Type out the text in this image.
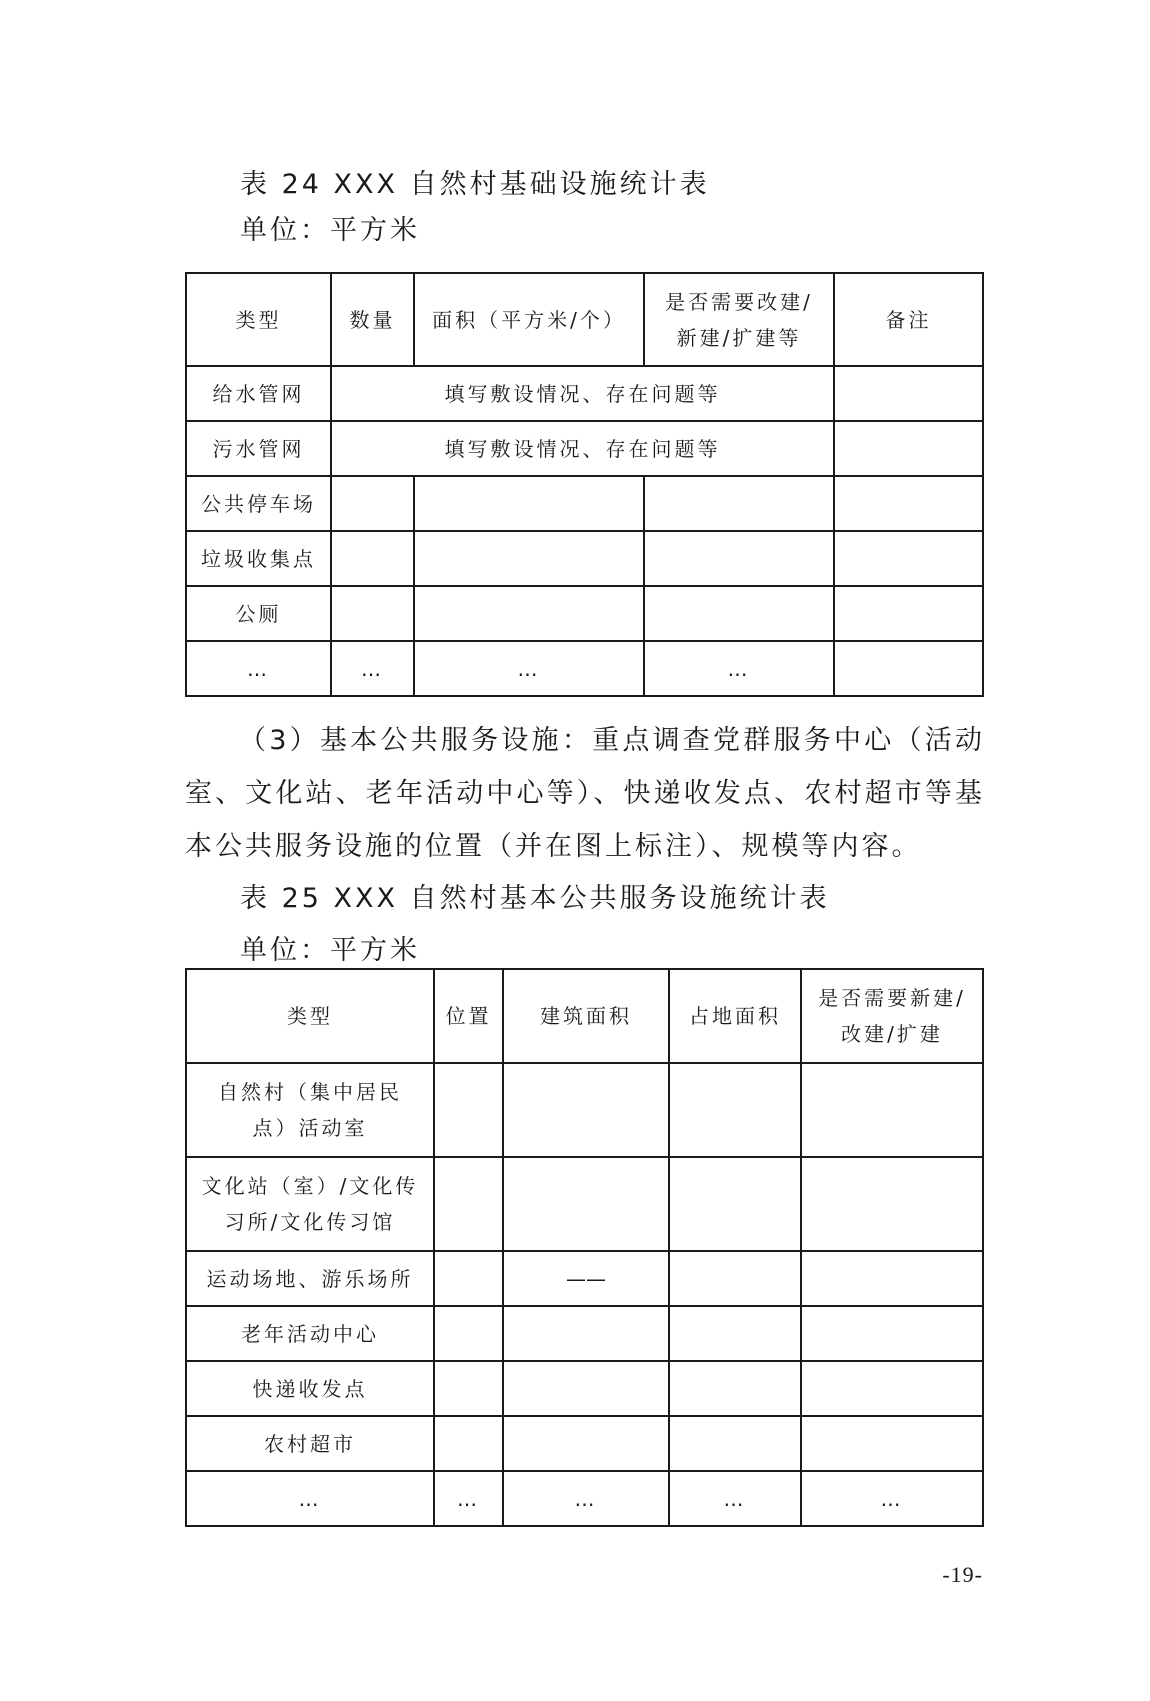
表 24 XXX 自然村基础设施统计表
单位：平方米
类型	数量	面积（平方米/个）	是否需要改建/新建/扩建等	备注
给水管网	填写敷设情况、存在问题等			
污水管网	填写敷设情况、存在问题等			
公共停车场				
垃圾收集点				
公厕				
…	…	…	…	
（3）基本公共服务设施：重点调查党群服务中心（活动室、文化站、老年活动中心等）、快递收发点、农村超市等基本公共服务设施的位置（并在图上标注）、规模等内容。
表 25 XXX 自然村基本公共服务设施统计表
单位：平方米
类型	位置	建筑面积	占地面积	是否需要新建/改建/扩建
自然村（集中居民点）活动室				
文化站（室）/文化传习所/文化传习馆				
运动场地、游乐场所		——		
老年活动中心				
快递收发点				
农村超市				
…	…	…	…	…
-19-
